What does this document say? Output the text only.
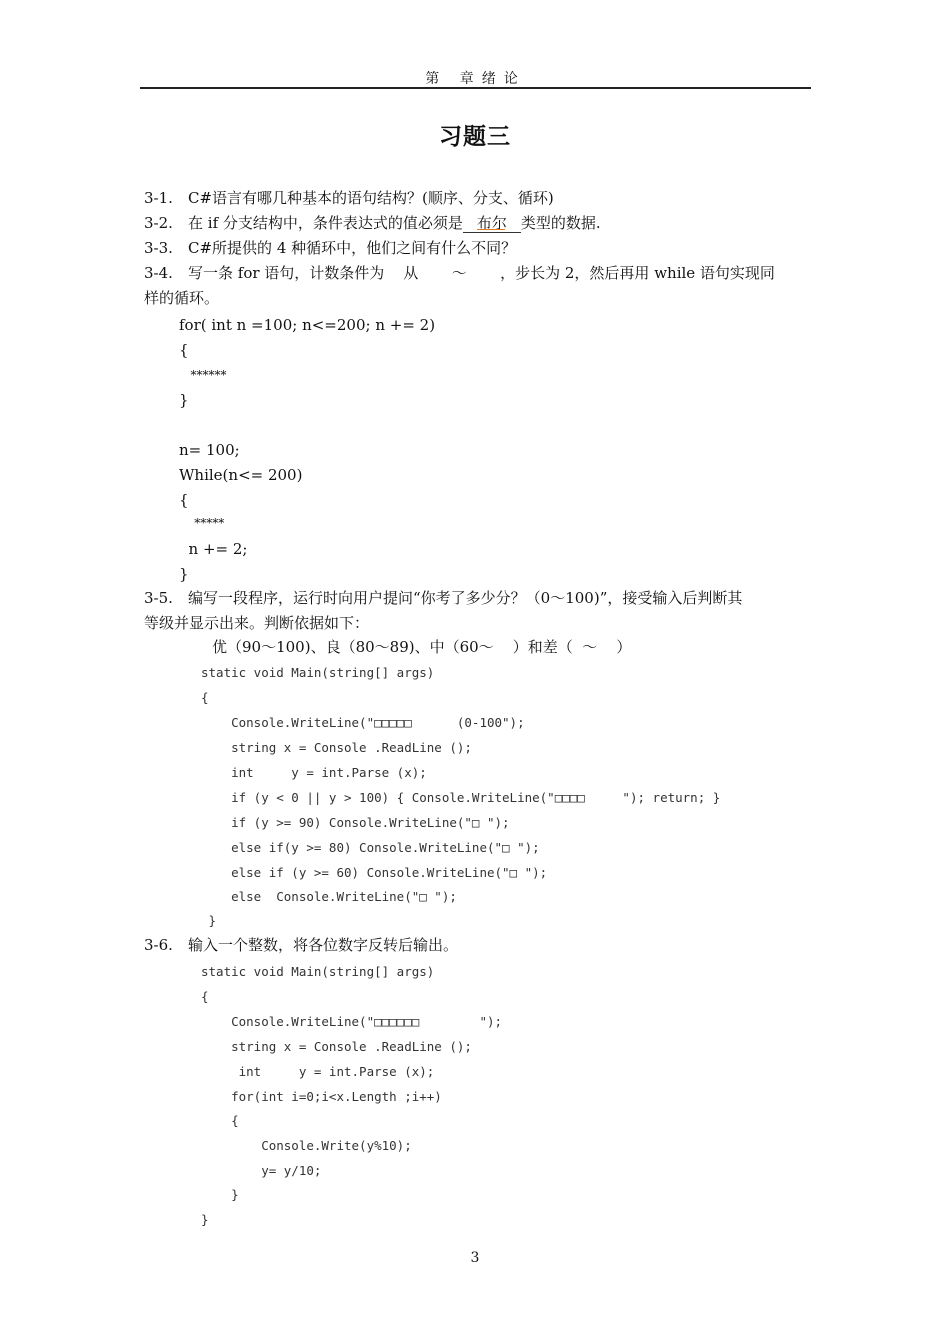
第 章绪论
习题三
3-1. C#语言有哪几种基本的语句结构？(顺序、分支、循环)
3-2. 在 if 分支结构中，条件表达式的值必须是 布尔 类型的数据.
3-3. C#所提供的 4 种循环中，他们之间有什么不同？
3-4. 写一条 for 语句，计数条件为    从       ～       ，步长为 2，然后再用 while 语句实现同
样的循环。
for( int n =100; n<=200; n += 2)
{
******
}
n= 100;
While(n<= 200)
{
*****
n += 2;
}
3-5. 编写一段程序，运行时向用户提问“你考了多少分？（0～100)”，接受输入后判断其
等级并显示出来。判断依据如下：
优（90～100)、良（80～89)、中（60～    ）和差（  ～    ）
static void Main(string[] args)
{
Console.WriteLine("□□□□□      (0-100");
string x = Console .ReadLine ();
int     y = int.Parse (x);
if (y < 0 || y > 100) { Console.WriteLine("□□□□     "); return; }
if (y >= 90) Console.WriteLine("□ ");
else if(y >= 80) Console.WriteLine("□ ");
else if (y >= 60) Console.WriteLine("□ ");
else  Console.WriteLine("□ ");
}
3-6. 输入一个整数，将各位数字反转后输出。
static void Main(string[] args)
{
Console.WriteLine("□□□□□□        ");
string x = Console .ReadLine ();
int     y = int.Parse (x);
for(int i=0;i<x.Length ;i++)
{
Console.Write(y%10);
y= y/10;
}
}
3
